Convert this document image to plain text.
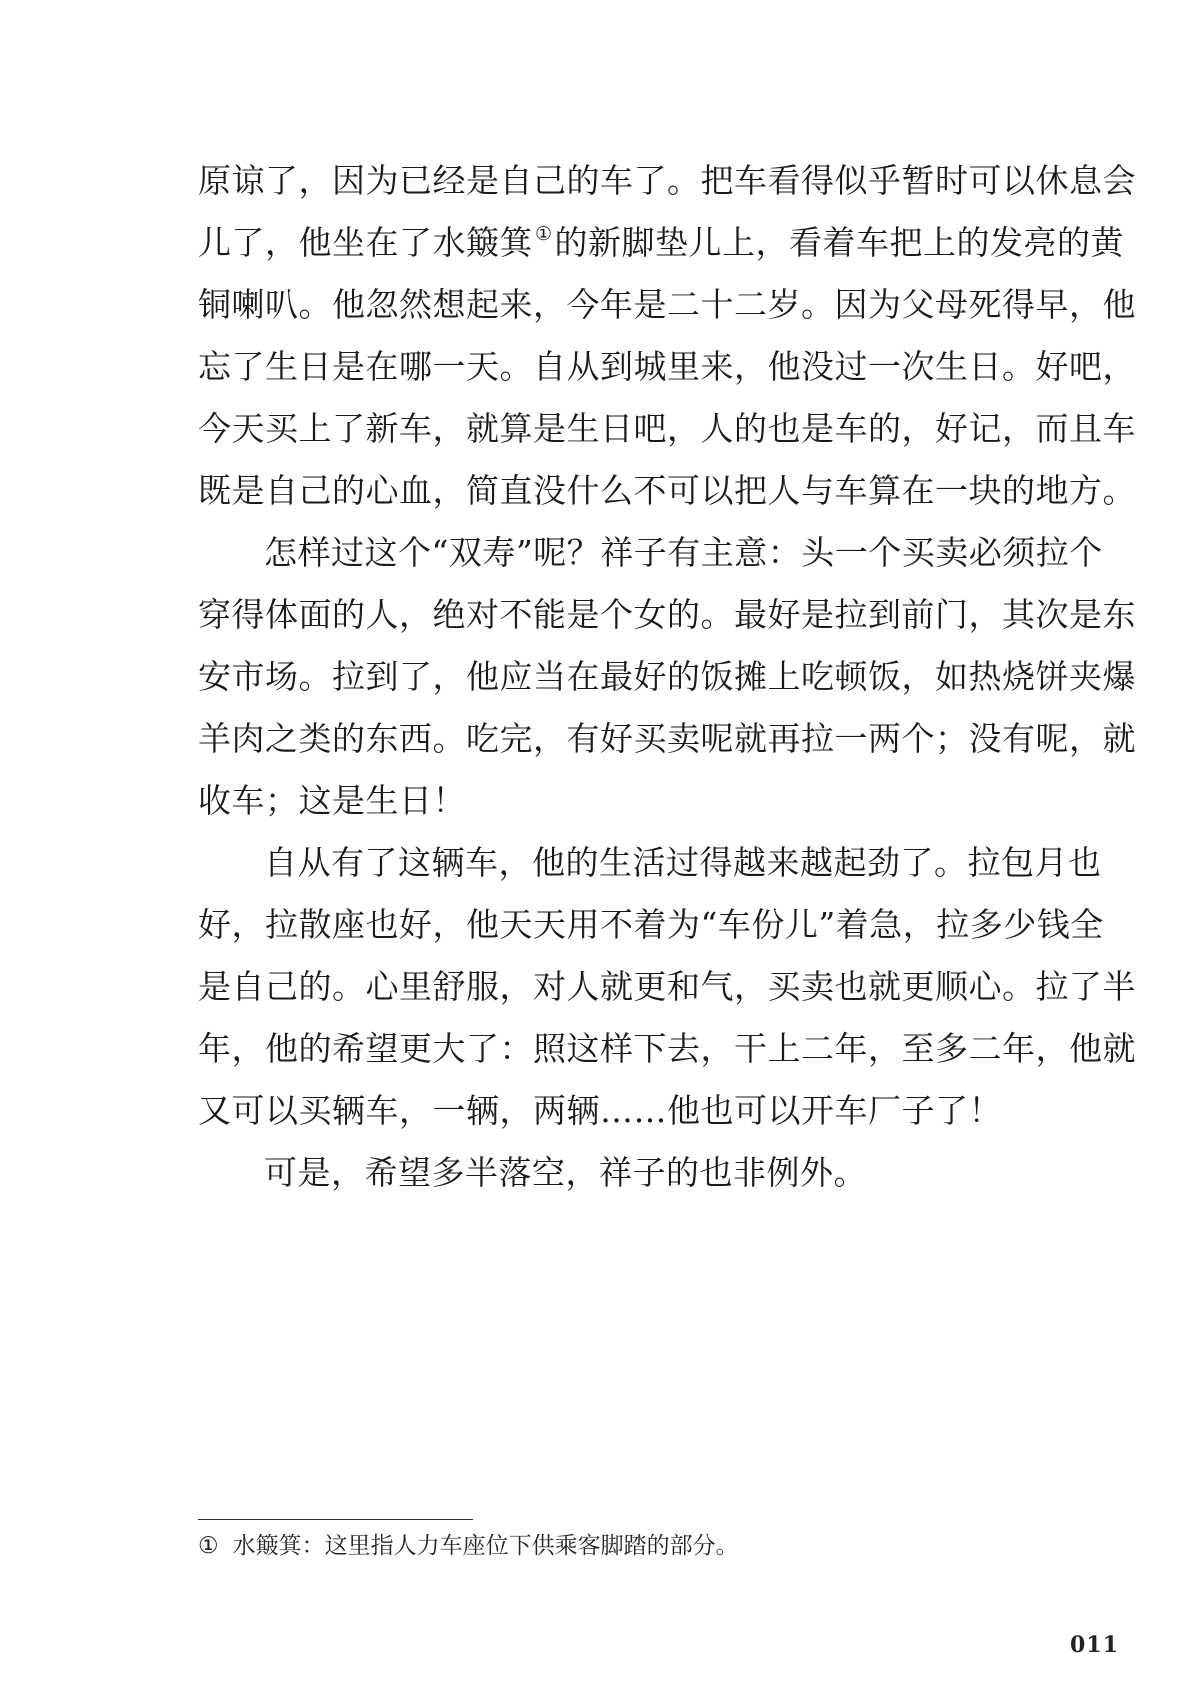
原谅了，因为已经是自己的车了。把车看得似乎暂时可以休息会
儿了，他坐在了水簸箕 ①的新脚垫儿上，看着车把上的发亮的黄
铜喇叭。他忽然想起来，今年是二十二岁。因为父母死得早，他
忘了生日是在哪一天。自从到城里来，他没过一次生日。好吧，
今天买上了新车，就算是生日吧，人的也是车的，好记，而且车
既是自己的心血，简直没什么不可以把人与车算在一块的地方。
怎样过这个“双寿”呢？祥子有主意：头一个买卖必须拉个
穿得体面的人，绝对不能是个女的。最好是拉到前门，其次是东
安市场。拉到了，他应当在最好的饭摊上吃顿饭，如热烧饼夹爆
羊肉之类的东西。吃完，有好买卖呢就再拉一两个；没有呢，就
收车；这是生日！
自从有了这辆车，他的生活过得越来越起劲了。拉包月也
好，拉散座也好，他天天用不着为“车份儿”着急，拉多少钱全
是自己的。心里舒服，对人就更和气，买卖也就更顺心。拉了半
年，他的希望更大了：照这样下去，干上二年，至多二年，他就
又可以买辆车，一辆，两辆……他也可以开车厂子了！
可是，希望多半落空，祥子的也非例外。
① 水簸箕：这里指人力车座位下供乘客脚踏的部分。
011
